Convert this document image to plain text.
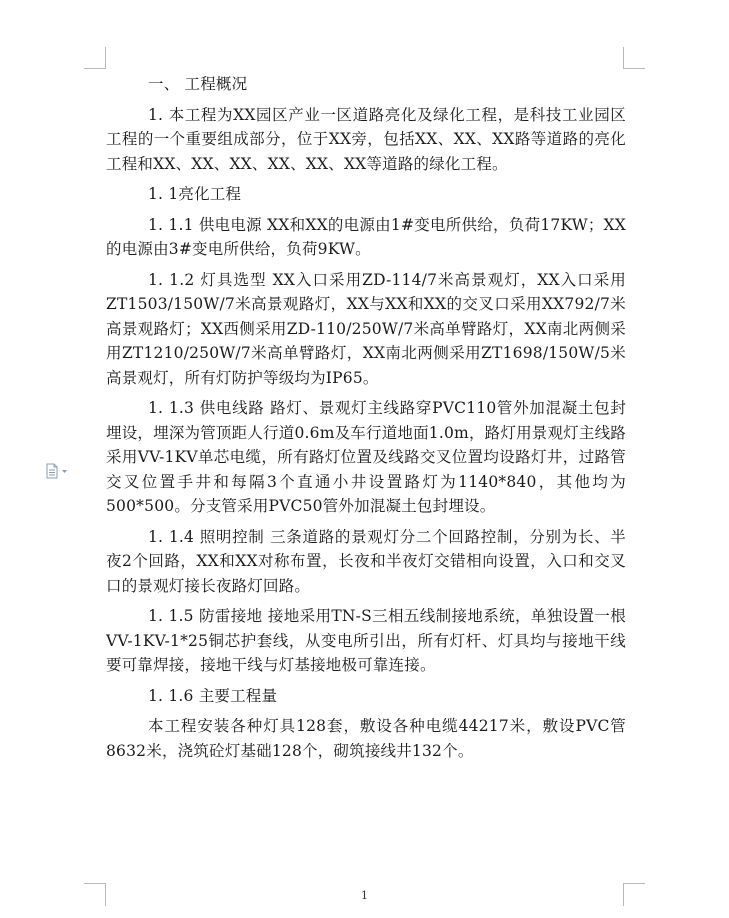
一、 工程概况

1. 本工程为XX园区产业一区道路亮化及绿化工程，是科技工业园区工程的一个重要组成部分，位于XX旁，包括XX、XX、XX路等道路的亮化工程和XX、XX、XX、XX、XX、XX等道路的绿化工程。

1. 1亮化工程

1. 1.1 供电电源 XX和XX的电源由1#变电所供给，负荷17KW；XX的电源由3#变电所供给，负荷9KW。

1. 1.2 灯具选型 XX入口采用ZD-114/7米高景观灯，XX入口采用ZT1503/150W/7米高景观路灯，XX与XX和XX的交叉口采用XX792/7米高景观路灯；XX西侧采用ZD-110/250W/7米高单臂路灯，XX南北两侧采用ZT1210/250W/7米高单臂路灯，XX南北两侧采用ZT1698/150W/5米高景观灯，所有灯防护等级均为IP65。

1. 1.3 供电线路 路灯、景观灯主线路穿PVC110管外加混凝土包封埋设，埋深为管顶距人行道0.6m及车行道地面1.0m，路灯用景观灯主线路采用VV-1KV单芯电缆，所有路灯位置及线路交叉位置均设路灯井，过路管交叉位置手井和每隔3个直通小井设置路灯为1140*840，其他均为500*500。分支管采用PVC50管外加混凝土包封埋设。

1. 1.4 照明控制 三条道路的景观灯分二个回路控制，分别为长、半夜2个回路，XX和XX对称布置，长夜和半夜灯交错相向设置，入口和交叉口的景观灯接长夜路灯回路。

1. 1.5 防雷接地 接地采用TN-S三相五线制接地系统，单独设置一根VV-1KV-1*25铜芯护套线，从变电所引出，所有灯杆、灯具均与接地干线要可靠焊接，接地干线与灯基接地极可靠连接。

1. 1.6 主要工程量

本工程安装各种灯具128套，敷设各种电缆44217米，敷设PVC管8632米，浇筑砼灯基础128个，砌筑接线井132个。

1
